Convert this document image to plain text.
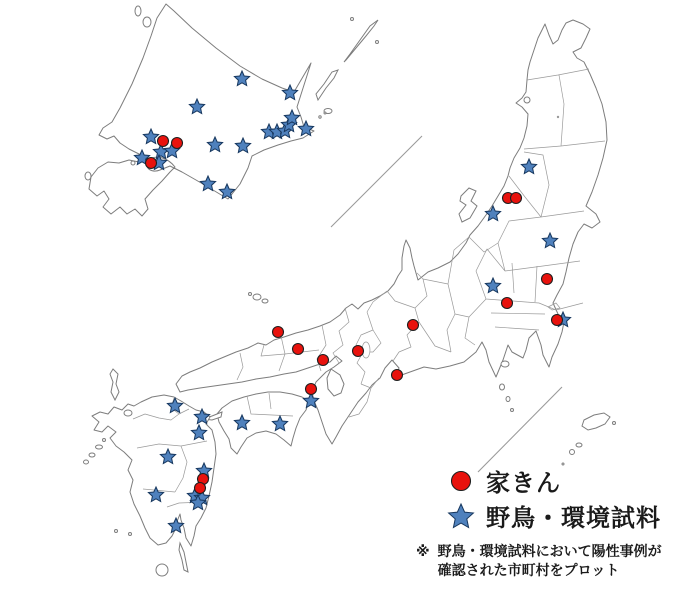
家きん
野鳥・環境試料
※ 野鳥・環境試料において陽性事例が
確認された市町村をプロット
